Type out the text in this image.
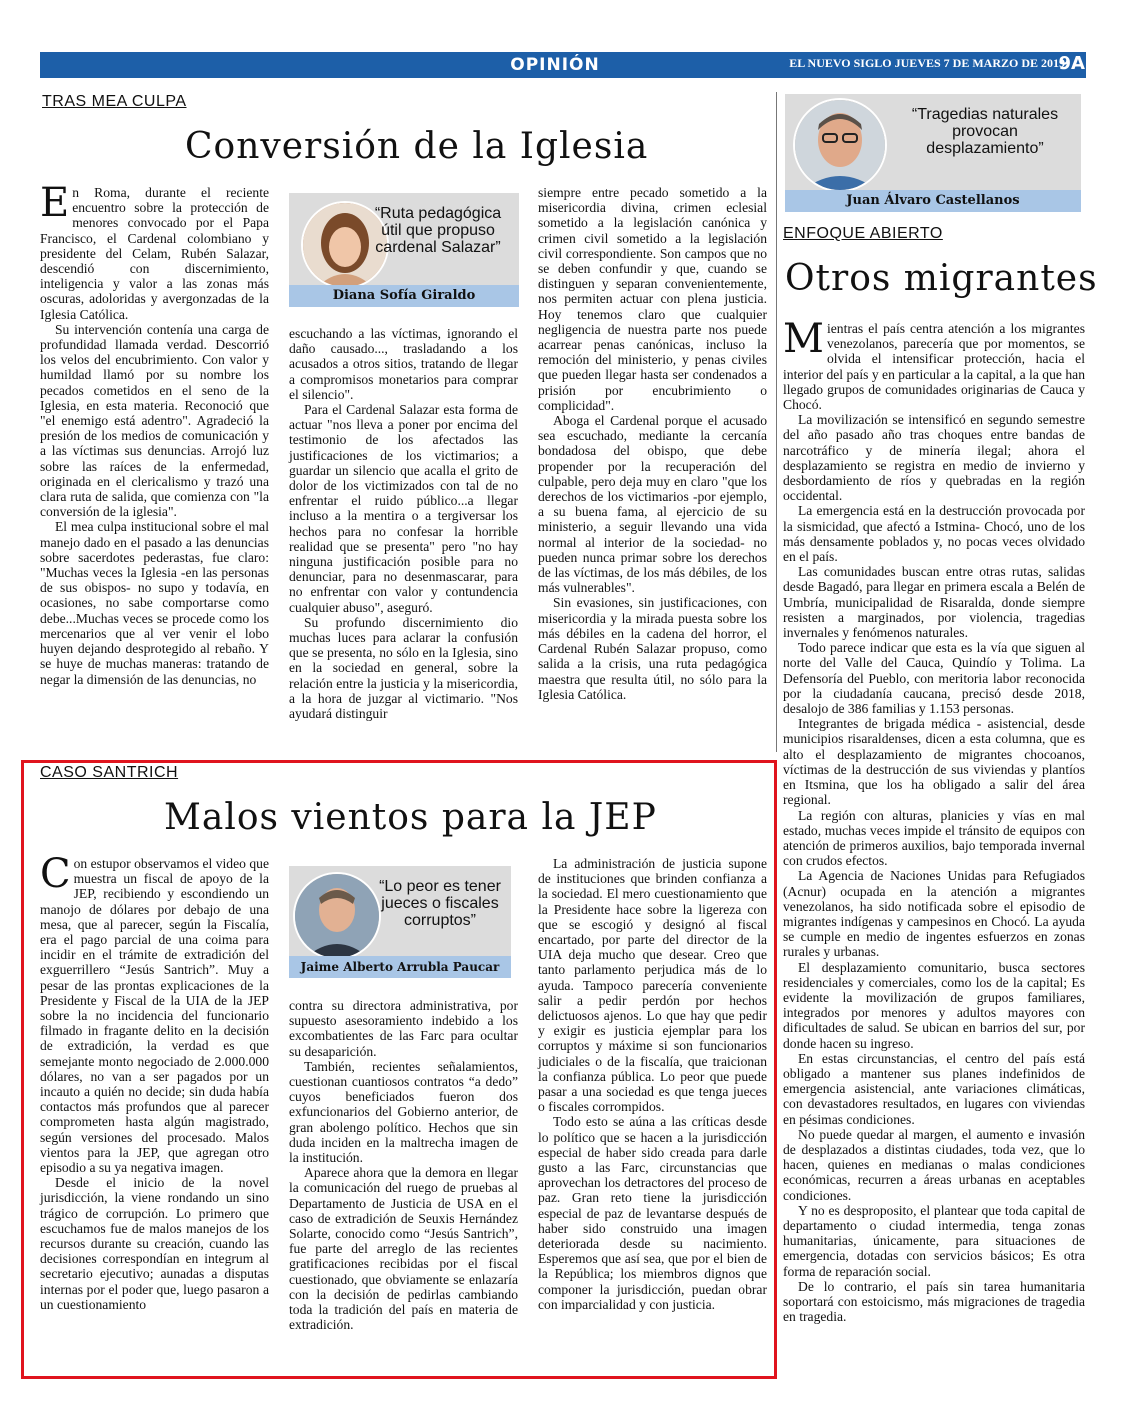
OPINIÓN	EL NUEVO SIGLO JUEVES 7 DE MARZO DE 2019
9A
TRAS MEA CULPA
Conversión de la Iglesia

En Roma, durante el reciente encuentro sobre la protección de menores convocado por el Papa Francisco, el Cardenal colombiano y presidente del Celam, Rubén Salazar, descendió con discernimiento, inteligencia y valor a las zonas más oscuras, adoloridas y avergonzadas de la Iglesia Católica.

Su intervención contenía una carga de profundidad llamada verdad. Descorrió los velos del encubrimiento. Con valor y humildad llamó por su nombre los pecados cometidos en el seno de la Iglesia, en esta materia. Reconoció que "el enemigo está adentro". Agradeció la presión de los medios de comunicación y a las víctimas sus denuncias. Arrojó luz sobre las raíces de la enfermedad, originada en el clericalismo y trazó una clara ruta de salida, que comienza con "la conversión de la iglesia".

El mea culpa institucional sobre el mal manejo dado en el pasado a las denuncias sobre sacerdotes pederastas, fue claro: "Muchas veces la Iglesia -en las personas de sus obispos- no supo y todavía, en ocasiones, no sabe comportarse como debe...Muchas veces se procede como los mercenarios que al ver venir el lobo huyen dejando desprotegido al rebaño. Y se huye de muchas maneras: tratando de negar la dimensión de las denuncias, no

“Ruta pedagógica útil que propuso cardenal Salazar”
Diana Sofía Giraldo

escuchando a las víctimas, ignorando el daño causado..., trasladando a los acusados a otros sitios, tratando de llegar a compromisos monetarios para comprar el silencio".

Para el Cardenal Salazar esta forma de actuar "nos lleva a poner por encima del testimonio de los afectados las justificaciones de los victimarios; a guardar un silencio que acalla el grito de dolor de los victimizados con tal de no enfrentar el ruido público...a llegar incluso a la mentira o a tergiversar los hechos para no confesar la horrible realidad que se presenta" pero "no hay ninguna justificación posible para no denunciar, para no desenmascarar, para no enfrentar con valor y contundencia cualquier abuso", aseguró.

Su profundo discernimiento dio muchas luces para aclarar la confusión que se presenta, no sólo en la Iglesia, sino en la sociedad en general, sobre la relación entre la justicia y la misericordia, a la hora de juzgar al victimario. "Nos ayudará distinguir

siempre entre pecado sometido a la misericordia divina, crimen eclesial sometido a la legislación canónica y crimen civil sometido a la legislación civil correspondiente. Son campos que no se deben confundir y que, cuando se distinguen y separan convenientemente, nos permiten actuar con plena justicia. Hoy tenemos claro que cualquier negligencia de nuestra parte nos puede acarrear penas canónicas, incluso la remoción del ministerio, y penas civiles que pueden llegar hasta ser condenados a prisión por encubrimiento o complicidad".

Aboga el Cardenal porque el acusado sea escuchado, mediante la cercanía bondadosa del obispo, que debe propender por la recuperación del culpable, pero deja muy en claro "que los derechos de los victimarios -por ejemplo, a su buena fama, al ejercicio de su ministerio, a seguir llevando una vida normal al interior de la sociedad- no pueden nunca primar sobre los derechos de las víctimas, de los más débiles, de los más vulnerables".

Sin evasiones, sin justificaciones, con misericordia y la mirada puesta sobre los más débiles en la cadena del horror, el Cardenal Rubén Salazar propuso, como salida a la crisis, una ruta pedagógica maestra que resulta útil, no sólo para la Iglesia Católica.

CASO SANTRICH
Malos vientos para la JEP

Con estupor observamos el video que muestra un fiscal de apoyo de la JEP, recibiendo y escondiendo un manojo de dólares por debajo de una mesa, que al parecer, según la Fiscalía, era el pago parcial de una coima para incidir en el trámite de extradición del exguerrillero “Jesús Santrich”. Muy a pesar de las prontas explicaciones de la Presidente y Fiscal de la UIA de la JEP sobre la no incidencia del funcionario filmado in fragante delito en la decisión de extradición, la verdad es que semejante monto negociado de 2.000.000 dólares, no van a ser pagados por un incauto a quién no decide; sin duda había contactos más profundos que al parecer comprometen hasta algún magistrado, según versiones del procesado. Malos vientos para la JEP, que agregan otro episodio a su ya negativa imagen.

Desde el inicio de la novel jurisdicción, la viene rondando un sino trágico de corrupción. Lo primero que escuchamos fue de malos manejos de los recursos durante su creación, cuando las decisiones correspondían en integrum al secretario ejecutivo; aunadas a disputas internas por el poder que, luego pasaron a un cuestionamiento

“Lo peor es tener jueces o fiscales corruptos”
Jaime Alberto Arrubla Paucar

contra su directora administrativa, por supuesto asesoramiento indebido a los excombatientes de las Farc para ocultar su desaparición.

También, recientes señalamientos, cuestionan cuantiosos contratos “a dedo” cuyos beneficiados fueron dos exfuncionarios del Gobierno anterior, de gran abolengo político. Hechos que sin duda inciden en la maltrecha imagen de la institución.

Aparece ahora que la demora en llegar la comunicación del ruego de pruebas al Departamento de Justicia de USA en el caso de extradición de Seuxis Hernández Solarte, conocido como “Jesús Santrich”, fue parte del arreglo de las recientes gratificaciones recibidas por el fiscal cuestionado, que obviamente se enlazaría con la decisión de pedirlas cambiando toda la tradición del país en materia de extradición.

La administración de justicia supone de instituciones que brinden confianza a la sociedad. El mero cuestionamiento que la Presidente hace sobre la ligereza con que se escogió y designó al fiscal encartado, por parte del director de la UIA deja mucho que desear. Creo que tanto parlamento perjudica más de lo ayuda. Tampoco parecería conveniente salir a pedir perdón por hechos delictuosos ajenos. Lo que hay que pedir y exigir es justicia ejemplar para los corruptos y máxime si son funcionarios judiciales o de la fiscalía, que traicionan la confianza pública. Lo peor que puede pasar a una sociedad es que tenga jueces o fiscales corrompidos.

Todo esto se aúna a las críticas desde lo político que se hacen a la jurisdicción especial de haber sido creada para darle gusto a las Farc, circunstancias que aprovechan los detractores del proceso de paz. Gran reto tiene la jurisdicción especial de paz de levantarse después de haber sido construido una imagen deteriorada desde su nacimiento. Esperemos que así sea, que por el bien de la República; los miembros dignos que componer la jurisdicción, puedan obrar con imparcialidad y con justicia.

“Tragedias naturales provocan desplazamiento”
Juan Álvaro Castellanos
ENFOQUE ABIERTO
Otros migrantes

Mientras el país centra atención a los migrantes venezolanos, parecería que por momentos, se olvida el intensificar protección, hacia el interior del país y en particular a la capital, a la que han llegado grupos de comunidades originarias de Cauca y Chocó.

La movilización se intensificó en segundo semestre del año pasado año tras choques entre bandas de narcotráfico y de minería ilegal; ahora el desplazamiento se registra en medio de invierno y desbordamiento de ríos y quebradas en la región occidental.

La emergencia está en la destrucción provocada por la sismicidad, que afectó a Istmina- Chocó, uno de los más densamente poblados y, no pocas veces olvidado en el país.

Las comunidades buscan entre otras rutas, salidas desde Bagadó, para llegar en primera escala a Belén de Umbría, municipalidad de Risaralda, donde siempre resisten a marginados, por violencia, tragedias invernales y fenómenos naturales.

Todo parece indicar que esta es la vía que siguen al norte del Valle del Cauca, Quindío y Tolima. La Defensoría del Pueblo, con meritoria labor reconocida por la ciudadanía caucana, precisó desde 2018, desalojo de 386 familias y 1.153 personas.

Integrantes de brigada médica - asistencial, desde municipios risaraldenses, dicen a esta columna, que es alto el desplazamiento de migrantes chocoanos, víctimas de la destrucción de sus viviendas y plantíos en Itsmina, que los ha obligado a salir del área regional.

La región con alturas, planicies y vías en mal estado, muchas veces impide el tránsito de equipos con atención de primeros auxilios, bajo temporada invernal con crudos efectos.

La Agencia de Naciones Unidas para Refugiados (Acnur) ocupada en la atención a migrantes venezolanos, ha sido notificada sobre el episodio de migrantes indígenas y campesinos en Chocó. La ayuda se cumple en medio de ingentes esfuerzos en zonas rurales y urbanas.

El desplazamiento comunitario, busca sectores residenciales y comerciales, como los de la capital; Es evidente la movilización de grupos familiares, integrados por menores y adultos mayores con dificultades de salud. Se ubican en barrios del sur, por donde hacen su ingreso.

En estas circunstancias, el centro del país está obligado a mantener sus planes indefinidos de emergencia asistencial, ante variaciones climáticas, con devastadores resultados, en lugares con viviendas en pésimas condiciones.

No puede quedar al margen, el aumento e invasión de desplazados a distintas ciudades, toda vez, que lo hacen, quienes en medianas o malas condiciones económicas, recurren a áreas urbanas en aceptables condiciones.

Y no es desproposito, el plantear que toda capital de departamento o ciudad intermedia, tenga zonas humanitarias, únicamente, para situaciones de emergencia, dotadas con servicios básicos; Es otra forma de reparación social.

De lo contrario, el país sin tarea humanitaria soportará con estoicismo, más migraciones de tragedia en tragedia.
